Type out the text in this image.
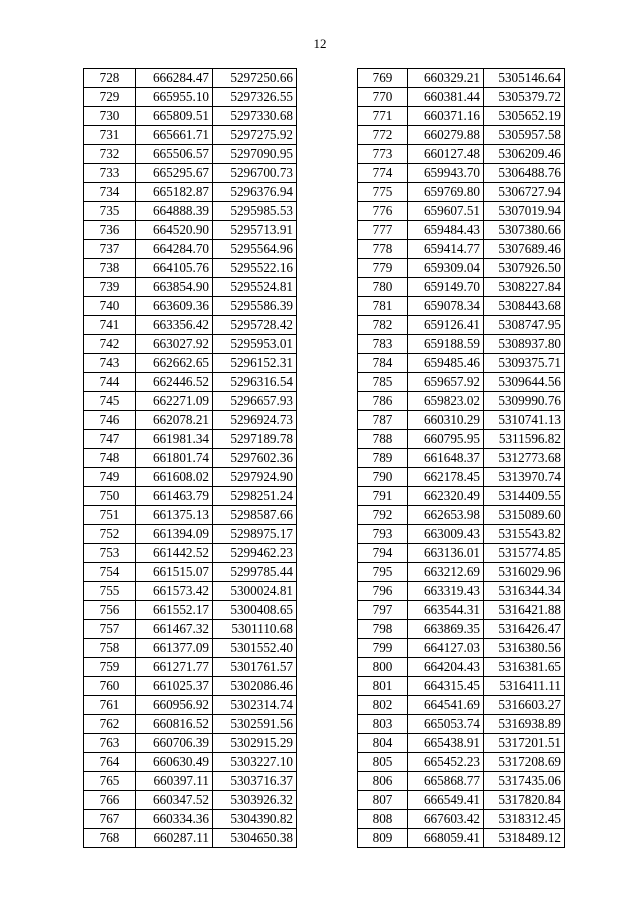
12
728	666284.47	5297250.66
729	665955.10	5297326.55
730	665809.51	5297330.68
731	665661.71	5297275.92
732	665506.57	5297090.95
733	665295.67	5296700.73
734	665182.87	5296376.94
735	664888.39	5295985.53
736	664520.90	5295713.91
737	664284.70	5295564.96
738	664105.76	5295522.16
739	663854.90	5295524.81
740	663609.36	5295586.39
741	663356.42	5295728.42
742	663027.92	5295953.01
743	662662.65	5296152.31
744	662446.52	5296316.54
745	662271.09	5296657.93
746	662078.21	5296924.73
747	661981.34	5297189.78
748	661801.74	5297602.36
749	661608.02	5297924.90
750	661463.79	5298251.24
751	661375.13	5298587.66
752	661394.09	5298975.17
753	661442.52	5299462.23
754	661515.07	5299785.44
755	661573.42	5300024.81
756	661552.17	5300408.65
757	661467.32	5301110.68
758	661377.09	5301552.40
759	661271.77	5301761.57
760	661025.37	5302086.46
761	660956.92	5302314.74
762	660816.52	5302591.56
763	660706.39	5302915.29
764	660630.49	5303227.10
765	660397.11	5303716.37
766	660347.52	5303926.32
767	660334.36	5304390.82
768	660287.11	5304650.38
769	660329.21	5305146.64
770	660381.44	5305379.72
771	660371.16	5305652.19
772	660279.88	5305957.58
773	660127.48	5306209.46
774	659943.70	5306488.76
775	659769.80	5306727.94
776	659607.51	5307019.94
777	659484.43	5307380.66
778	659414.77	5307689.46
779	659309.04	5307926.50
780	659149.70	5308227.84
781	659078.34	5308443.68
782	659126.41	5308747.95
783	659188.59	5308937.80
784	659485.46	5309375.71
785	659657.92	5309644.56
786	659823.02	5309990.76
787	660310.29	5310741.13
788	660795.95	5311596.82
789	661648.37	5312773.68
790	662178.45	5313970.74
791	662320.49	5314409.55
792	662653.98	5315089.60
793	663009.43	5315543.82
794	663136.01	5315774.85
795	663212.69	5316029.96
796	663319.43	5316344.34
797	663544.31	5316421.88
798	663869.35	5316426.47
799	664127.03	5316380.56
800	664204.43	5316381.65
801	664315.45	5316411.11
802	664541.69	5316603.27
803	665053.74	5316938.89
804	665438.91	5317201.51
805	665452.23	5317208.69
806	665868.77	5317435.06
807	666549.41	5317820.84
808	667603.42	5318312.45
809	668059.41	5318489.12
